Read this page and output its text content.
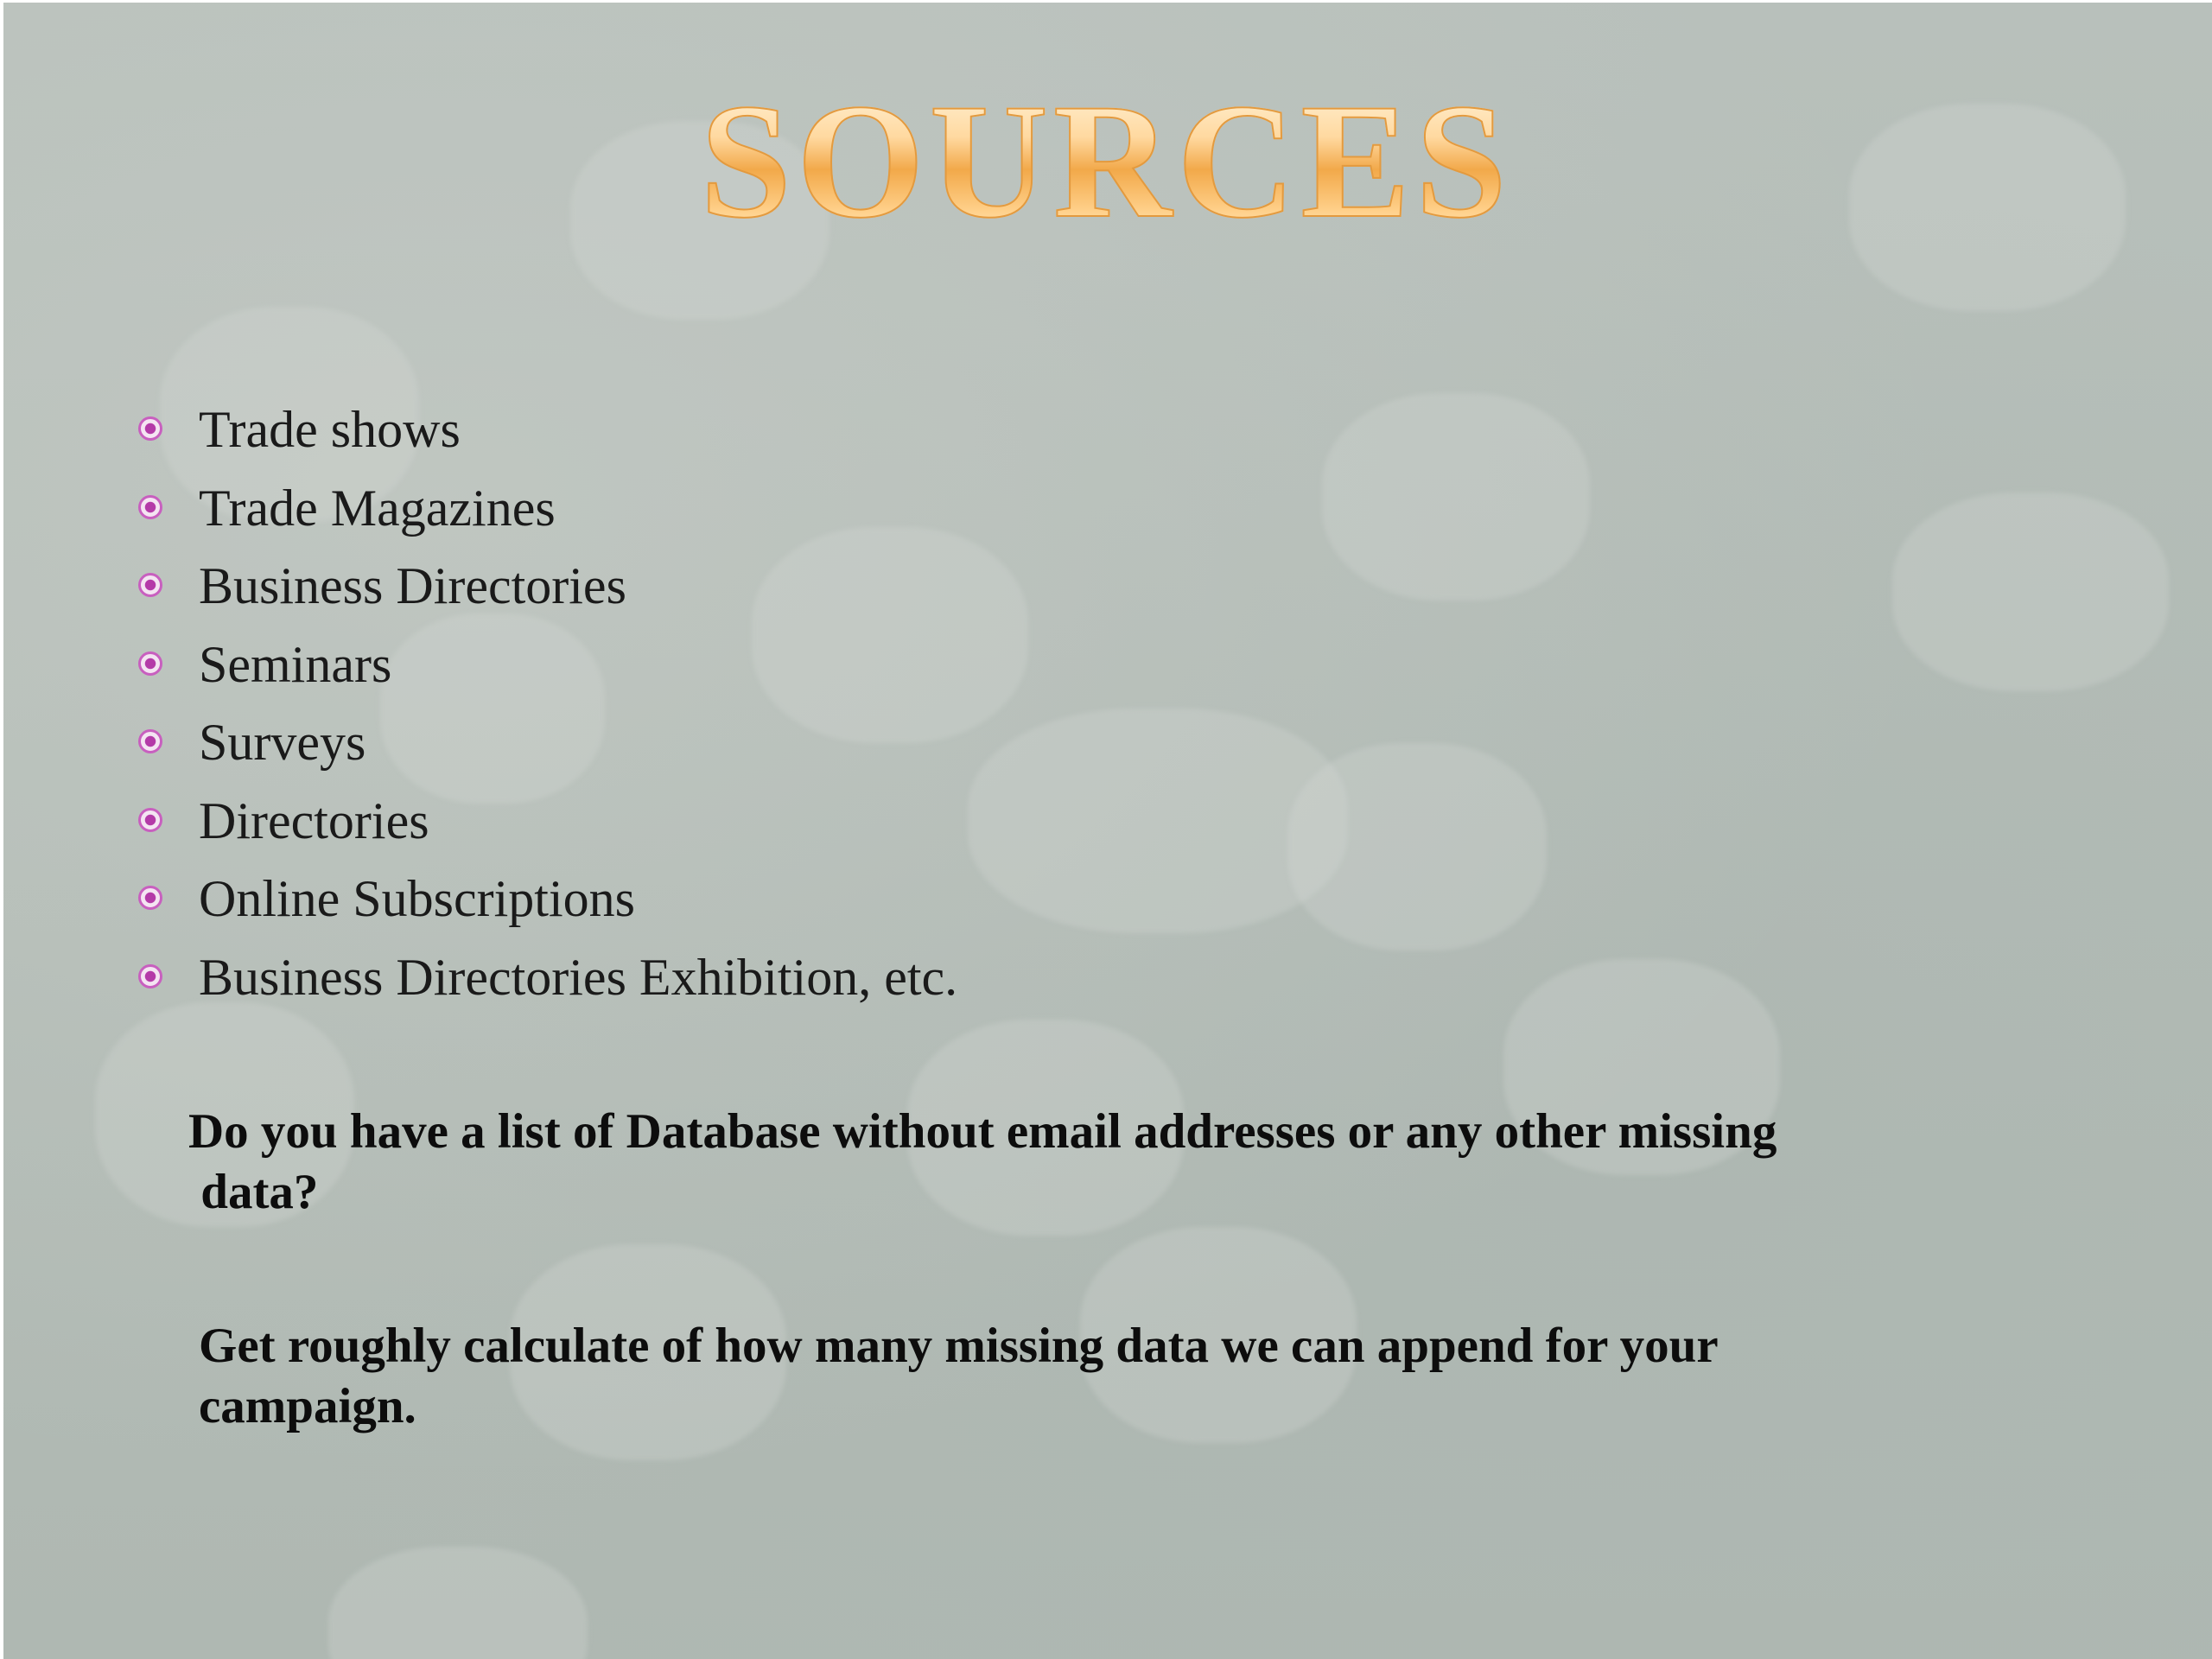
SOURCES
Trade shows
Trade Magazines
Business Directories
Seminars
Surveys
Directories
Online Subscriptions
Business Directories Exhibition, etc.
Do you have a list of Database without email addresses or any other missing
data?
Get roughly calculate of how many missing data we can append for your
campaign.
